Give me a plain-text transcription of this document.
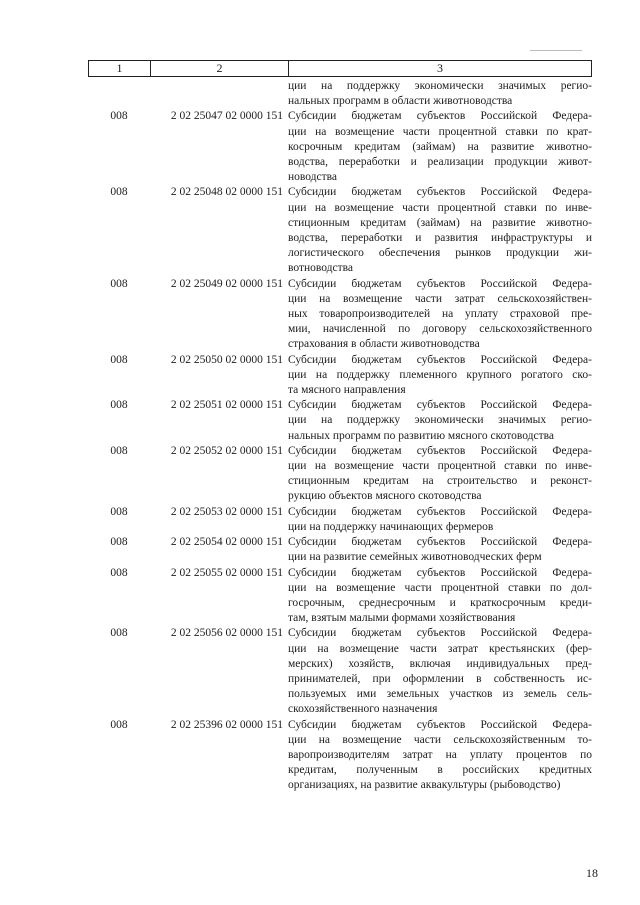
1	2	3
ции на поддержку экономически значимых регио-
нальных программ в области животноводства
008	2 02 25047 02 0000 151 Субсидии бюджетам субъектов Российской Федера-
ции на возмещение части процентной ставки по крат-
косрочным кредитам (займам) на развитие животно-
водства, переработки и реализации продукции живот-
новодства
008	2 02 25048 02 0000 151 Субсидии бюджетам субъектов Российской Федера-
ции на возмещение части процентной ставки по инве-
стиционным кредитам (займам) на развитие животно-
водства, переработки и развития инфраструктуры и
логистического обеспечения рынков продукции жи-
вотноводства
008	2 02 25049 02 0000 151 Субсидии бюджетам субъектов Российской Федера-
ции на возмещение части затрат сельскохозяйствен-
ных товаропроизводителей на уплату страховой пре-
мии, начисленной по договору сельскохозяйственного
страхования в области животноводства
008	2 02 25050 02 0000 151 Субсидии бюджетам субъектов Российской Федера-
ции на поддержку племенного крупного рогатого ско-
та мясного направления
008	2 02 25051 02 0000 151 Субсидии бюджетам субъектов Российской Федера-
ции на поддержку экономически значимых регио-
нальных программ по развитию мясного скотоводства
008	2 02 25052 02 0000 151 Субсидии бюджетам субъектов Российской Федера-
ции на возмещение части процентной ставки по инве-
стиционным кредитам на строительство и реконст-
рукцию объектов мясного скотоводства
008	2 02 25053 02 0000 151 Субсидии бюджетам субъектов Российской Федера-
ции на поддержку начинающих фермеров
008	2 02 25054 02 0000 151 Субсидии бюджетам субъектов Российской Федера-
ции на развитие семейных животноводческих ферм
008	2 02 25055 02 0000 151 Субсидии бюджетам субъектов Российской Федера-
ции на возмещение части процентной ставки по дол-
госрочным, среднесрочным и краткосрочным креди-
там, взятым малыми формами хозяйствования
008	2 02 25056 02 0000 151 Субсидии бюджетам субъектов Российской Федера-
ции на возмещение части затрат крестьянских (фер-
мерских) хозяйств, включая индивидуальных пред-
принимателей, при оформлении в собственность ис-
пользуемых ими земельных участков из земель сель-
скохозяйственного назначения
008	2 02 25396 02 0000 151 Субсидии бюджетам субъектов Российской Федера-
ции на возмещение части сельскохозяйственным то-
варопроизводителям затрат на уплату процентов по
кредитам, полученным в российских кредитных
организациях, на развитие аквакультуры (рыбоводство)
18
